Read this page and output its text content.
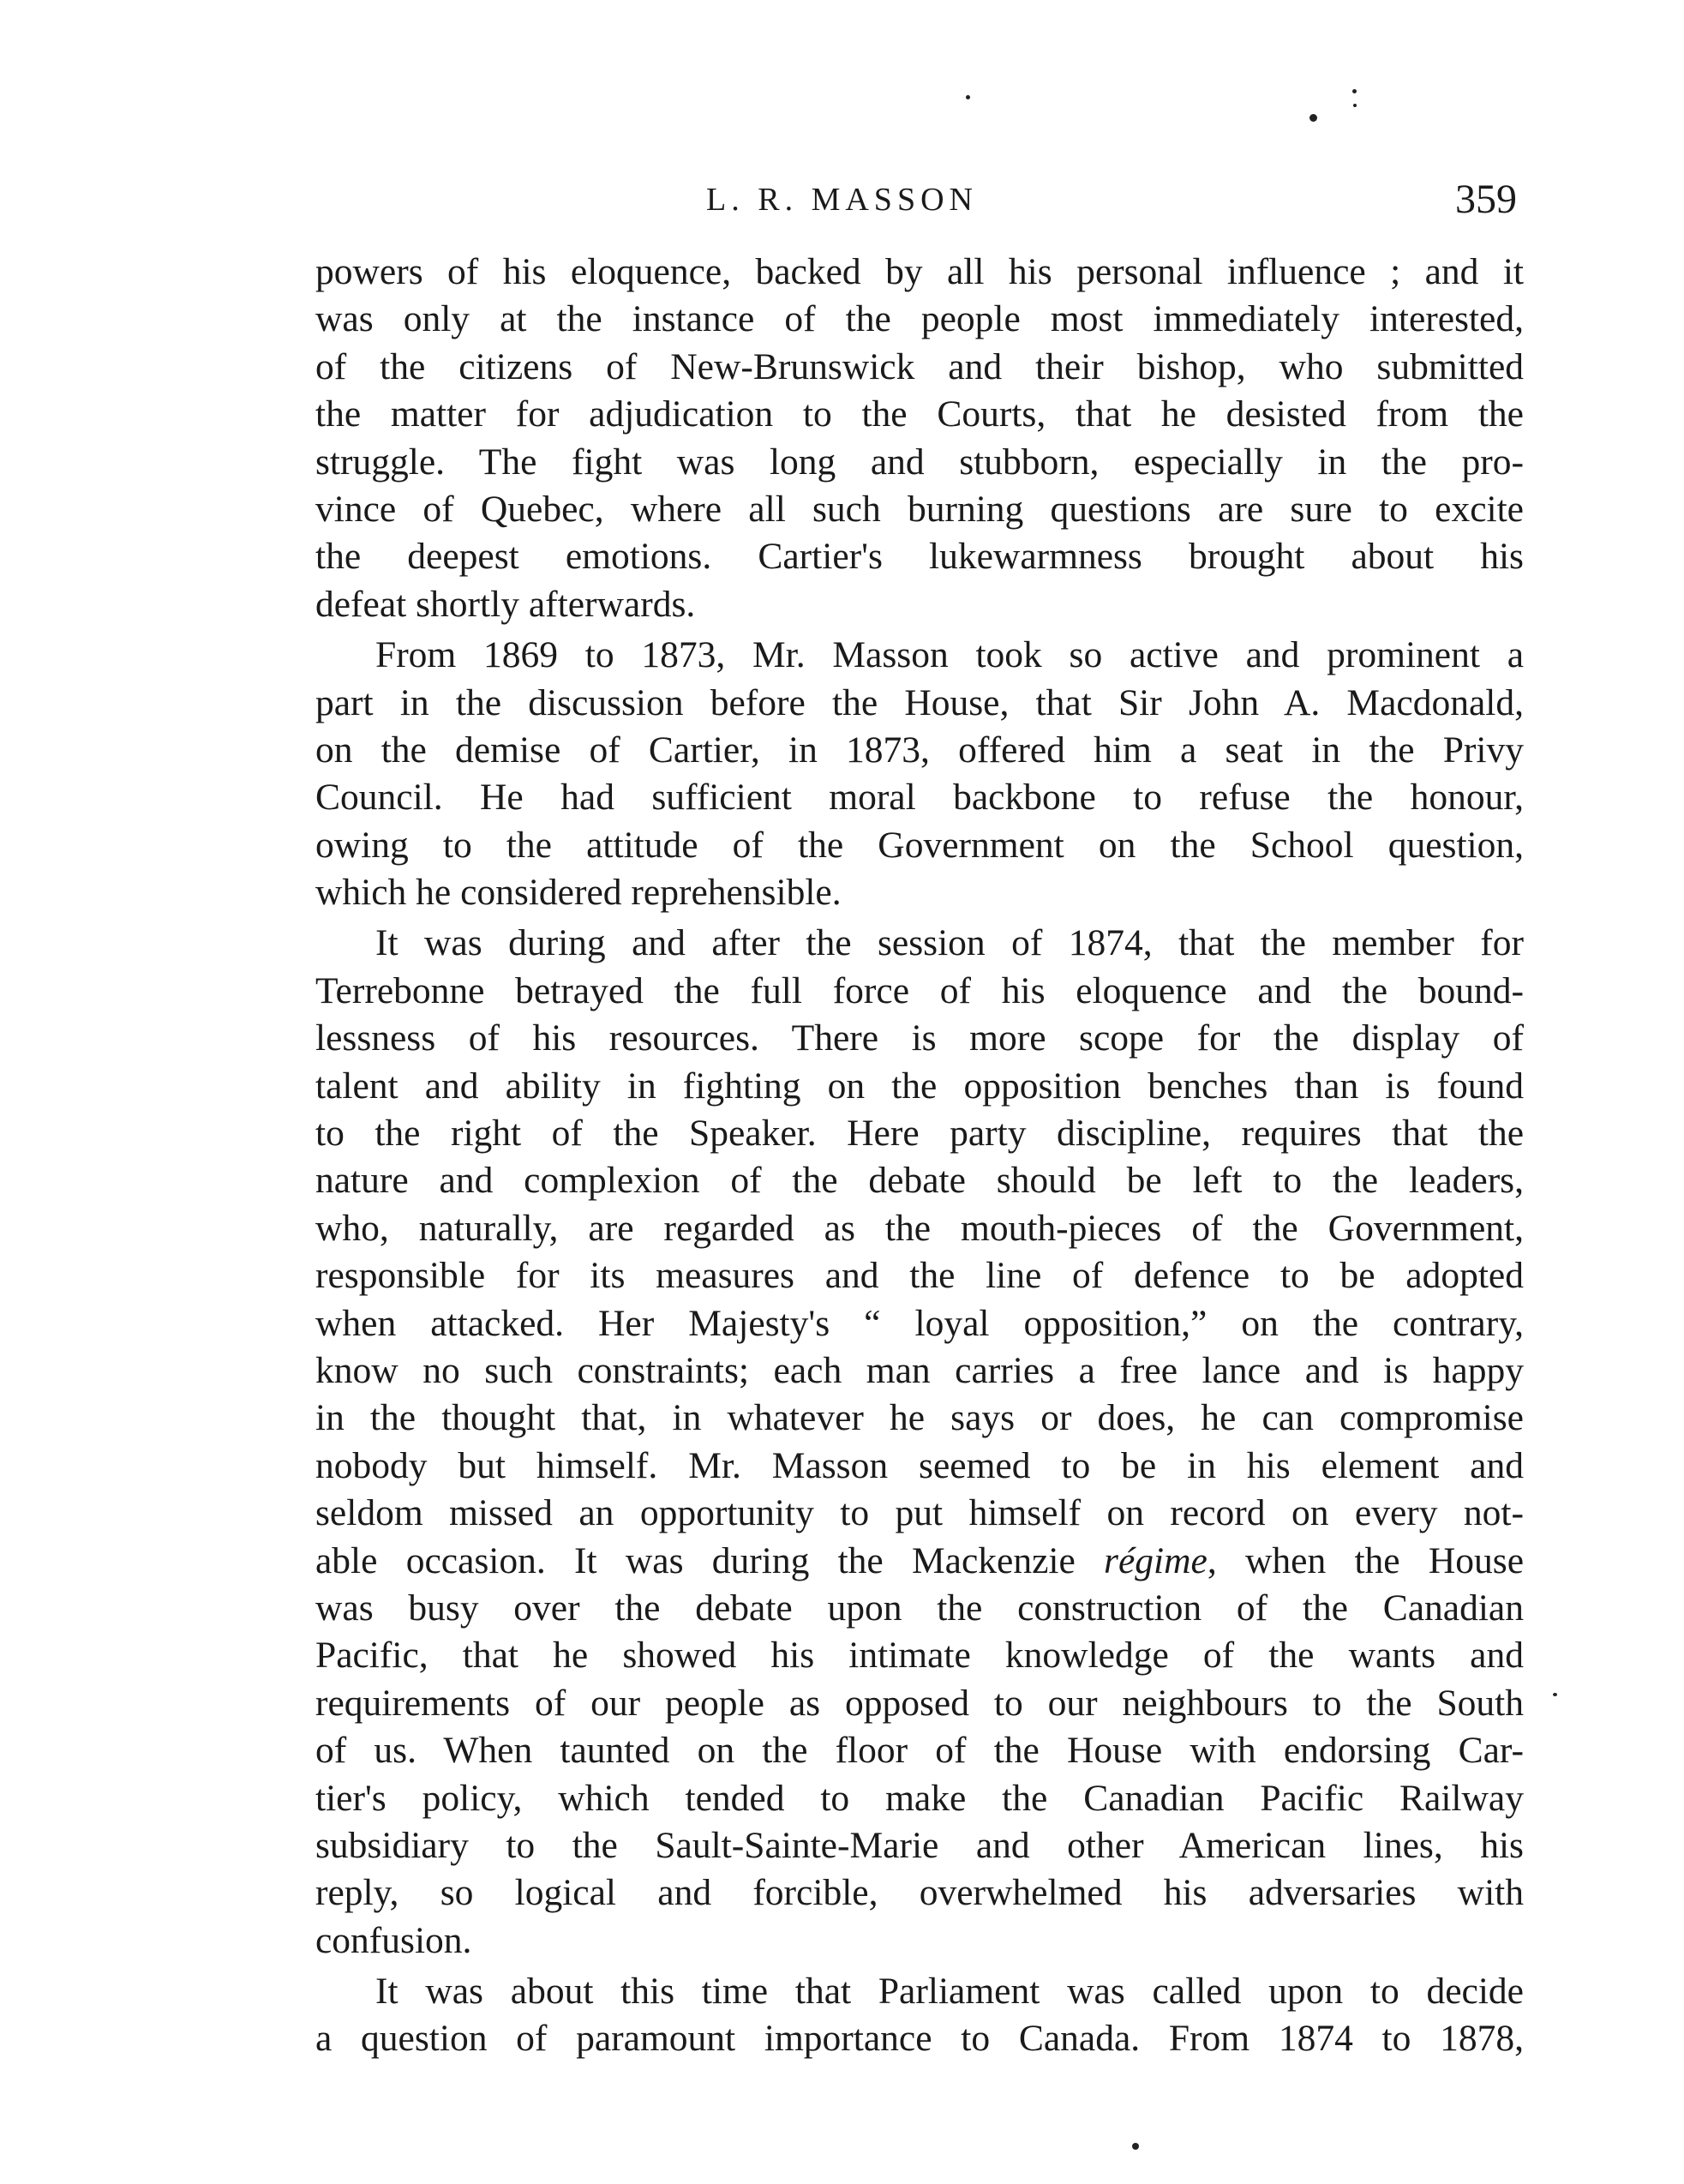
L. R. MASSON	359
powers of his eloquence, backed by all his personal influence ; and it
was only at the instance of the people most immediately interested,
of the citizens of New-Brunswick and their bishop, who submitted
the matter for adjudication to the Courts, that he desisted from the
struggle. The fight was long and stubborn, especially in the pro-
vince of Quebec, where all such burning questions are sure to excite
the deepest emotions. Cartier's lukewarmness brought about his
defeat shortly afterwards.
From 1869 to 1873, Mr. Masson took so active and prominent a
part in the discussion before the House, that Sir John A. Macdonald,
on the demise of Cartier, in 1873, offered him a seat in the Privy
Council. He had sufficient moral backbone to refuse the honour,
owing to the attitude of the Government on the School question,
which he considered reprehensible.
It was during and after the session of 1874, that the member for
Terrebonne betrayed the full force of his eloquence and the bound-
lessness of his resources. There is more scope for the display of
talent and ability in fighting on the opposition benches than is found
to the right of the Speaker. Here party discipline, requires that the
nature and complexion of the debate should be left to the leaders,
who, naturally, are regarded as the mouth-pieces of the Government,
responsible for its measures and the line of defence to be adopted
when attacked. Her Majesty's “ loyal opposition,” on the contrary,
know no such constraints; each man carries a free lance and is happy
in the thought that, in whatever he says or does, he can compromise
nobody but himself. Mr. Masson seemed to be in his element and
seldom missed an opportunity to put himself on record on every not-
able occasion. It was during the Mackenzie régime, when the House
was busy over the debate upon the construction of the Canadian
Pacific, that he showed his intimate knowledge of the wants and
requirements of our people as opposed to our neighbours to the South
of us. When taunted on the floor of the House with endorsing Car-
tier's policy, which tended to make the Canadian Pacific Railway
subsidiary to the Sault-Sainte-Marie and other American lines, his
reply, so logical and forcible, overwhelmed his adversaries with
confusion.
It was about this time that Parliament was called upon to decide
a question of paramount importance to Canada. From 1874 to 1878,
